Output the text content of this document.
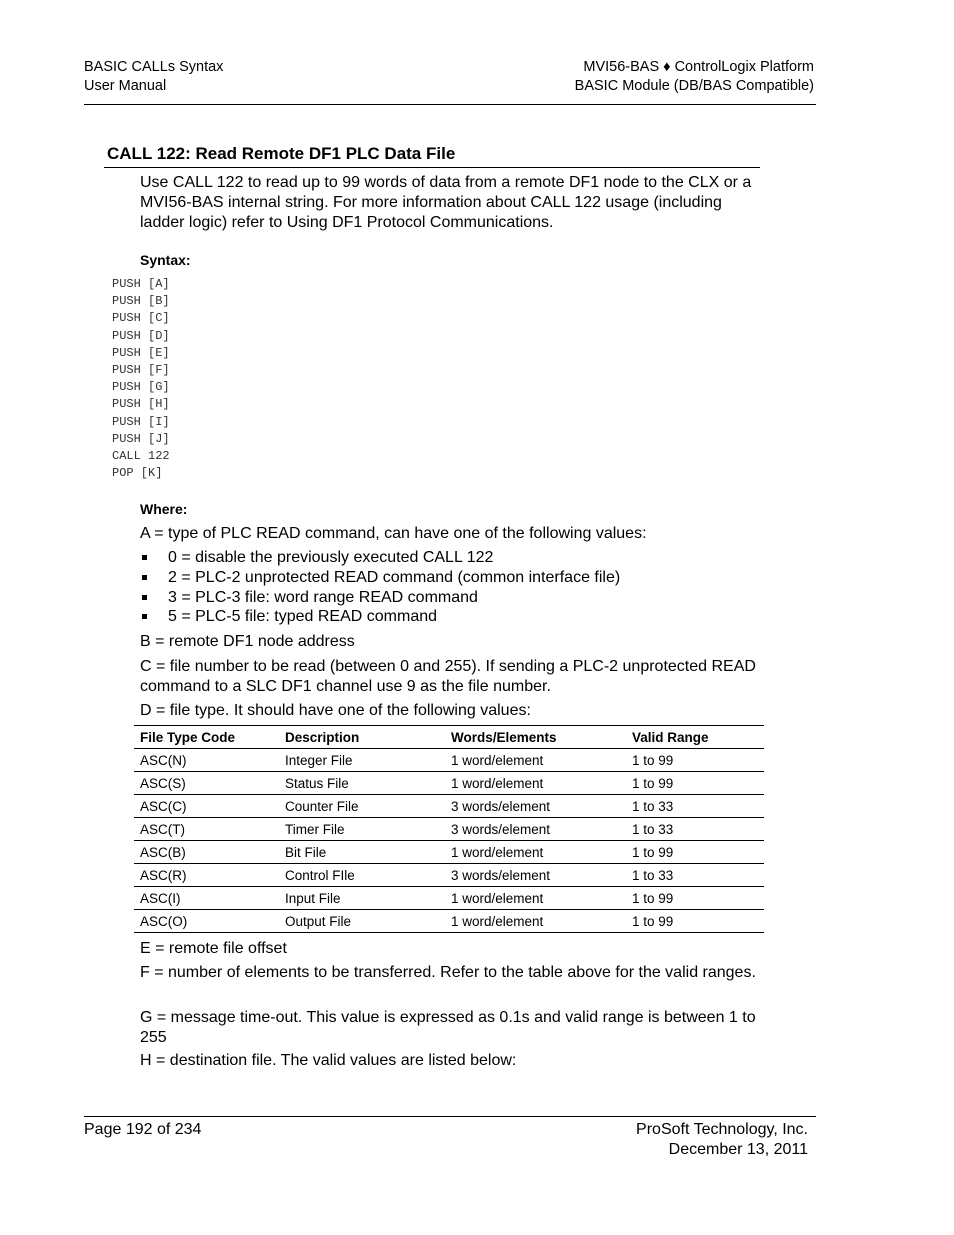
BASIC CALLs Syntax
User Manual
MVI56-BAS ♦ ControlLogix Platform
BASIC Module (DB/BAS Compatible)
CALL 122: Read Remote DF1 PLC Data File

Use CALL 122 to read up to 99 words of data from a remote DF1 node to the CLX or a MVI56-BAS internal string. For more information about CALL 122 usage (including ladder logic) refer to Using DF1 Protocol Communications.

Syntax:
PUSH [A]
PUSH [B]
PUSH [C]
PUSH [D]
PUSH [E]
PUSH [F]
PUSH [G]
PUSH [H]
PUSH [I]
PUSH [J]
CALL 122
POP [K]
Where:

A = type of PLC READ command, can have one of the following values:

0 = disable the previously executed CALL 122
2 = PLC-2 unprotected READ command (common interface file)
3 = PLC-3 file: word range READ command
5 = PLC-5 file: typed READ command

B = remote DF1 node address

C = file number to be read (between 0 and 255). If sending a PLC-2 unprotected READ command to a SLC DF1 channel use 9 as the file number.

D = file type. It should have one of the following values:

File Type Code	Description	Words/Elements	Valid Range
ASC(N)	Integer File	1 word/element	1 to 99
ASC(S)	Status File	1 word/element	1 to 99
ASC(C)	Counter File	3 words/element	1 to 33
ASC(T)	Timer File	3 words/element	1 to 33
ASC(B)	Bit File	1 word/element	1 to 99
ASC(R)	Control FIle	3 words/element	1 to 33
ASC(I)	Input File	1 word/element	1 to 99
ASC(O)	Output File	1 word/element	1 to 99

E = remote file offset

F = number of elements to be transferred. Refer to the table above for the valid ranges.

G = message time-out. This value is expressed as 0.1s and valid range is between 1 to 255

H = destination file. The valid values are listed below:

Page 192 of 234	ProSoft Technology, Inc.
December 13, 2011
